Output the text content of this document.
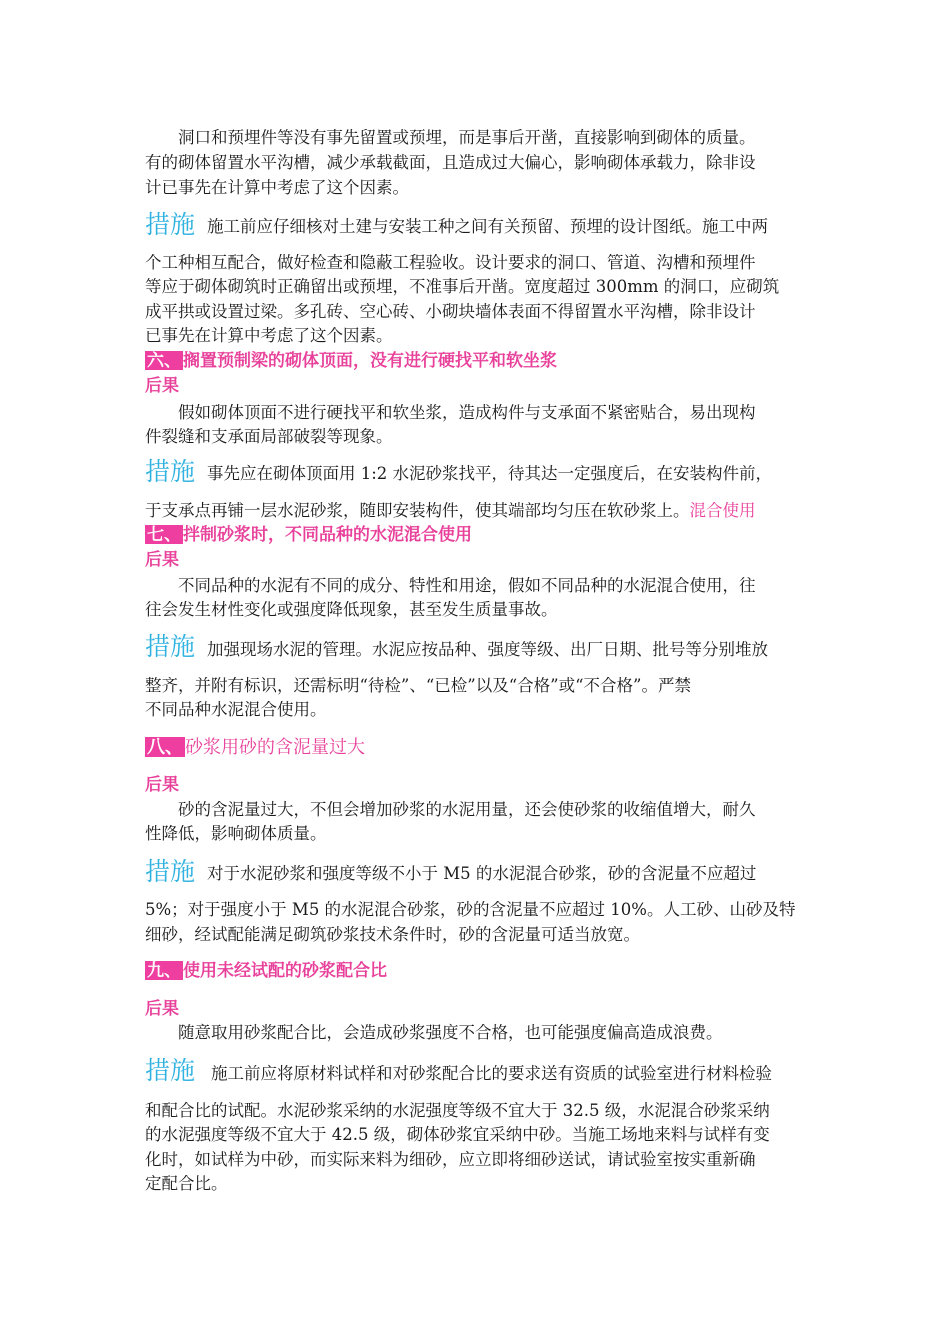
洞口和预埋件等没有事先留置或预埋，而是事后开凿，直接影响到砌体的质量。
有的砌体留置水平沟槽，减少承载截面，且造成过大偏心，影响砌体承载力，除非设
计已事先在计算中考虑了这个因素。
措施 施工前应仔细核对土建与安装工种之间有关预留、预埋的设计图纸。施工中两
个工种相互配合，做好检查和隐蔽工程验收。设计要求的洞口、管道、沟槽和预埋件
等应于砌体砌筑时正确留出或预埋，不准事后开凿。宽度超过 300mm 的洞口，应砌筑
成平拱或设置过梁。多孔砖、空心砖、小砌块墙体表面不得留置水平沟槽，除非设计
已事先在计算中考虑了这个因素。
六、 搁置预制梁的砌体顶面，没有进行硬找平和软坐浆
后果
假如砌体顶面不进行硬找平和软坐浆，造成构件与支承面不紧密贴合，易出现构
件裂缝和支承面局部破裂等现象。
措施 事先应在砌体顶面用 1:2 水泥砂浆找平，待其达一定强度后，在安装构件前，
于支承点再铺一层水泥砂浆，随即安装构件，使其端部均匀压在软砂浆上。混合使用
七、 拌制砂浆时，不同品种的水泥混合使用
后果
不同品种的水泥有不同的成分、特性和用途，假如不同品种的水泥混合使用，往
往会发生材性变化或强度降低现象，甚至发生质量事故。
措施 加强现场水泥的管理。水泥应按品种、强度等级、出厂日期、批号等分别堆放
整齐，并附有标识，还需标明“待检”、“已检”以及“合格”或“不合格”。严禁
不同品种水泥混合使用。
八、 砂浆用砂的含泥量过大
后果
砂的含泥量过大，不但会增加砂浆的水泥用量，还会使砂浆的收缩值增大，耐久
性降低，影响砌体质量。
措施 对于水泥砂浆和强度等级不小于 M5 的水泥混合砂浆，砂的含泥量不应超过
5%；对于强度小于 M5 的水泥混合砂浆，砂的含泥量不应超过 10%。人工砂、山砂及特
细砂，经试配能满足砌筑砂浆技术条件时，砂的含泥量可适当放宽。
九、 使用未经试配的砂浆配合比
后果
随意取用砂浆配合比，会造成砂浆强度不合格，也可能强度偏高造成浪费。
措施 施工前应将原材料试样和对砂浆配合比的要求送有资质的试验室进行材料检验
和配合比的试配。水泥砂浆采纳的水泥强度等级不宜大于 32.5 级，水泥混合砂浆采纳
的水泥强度等级不宜大于 42.5 级，砌体砂浆宜采纳中砂。当施工场地来料与试样有变
化时，如试样为中砂，而实际来料为细砂，应立即将细砂送试，请试验室按实重新确
定配合比。
